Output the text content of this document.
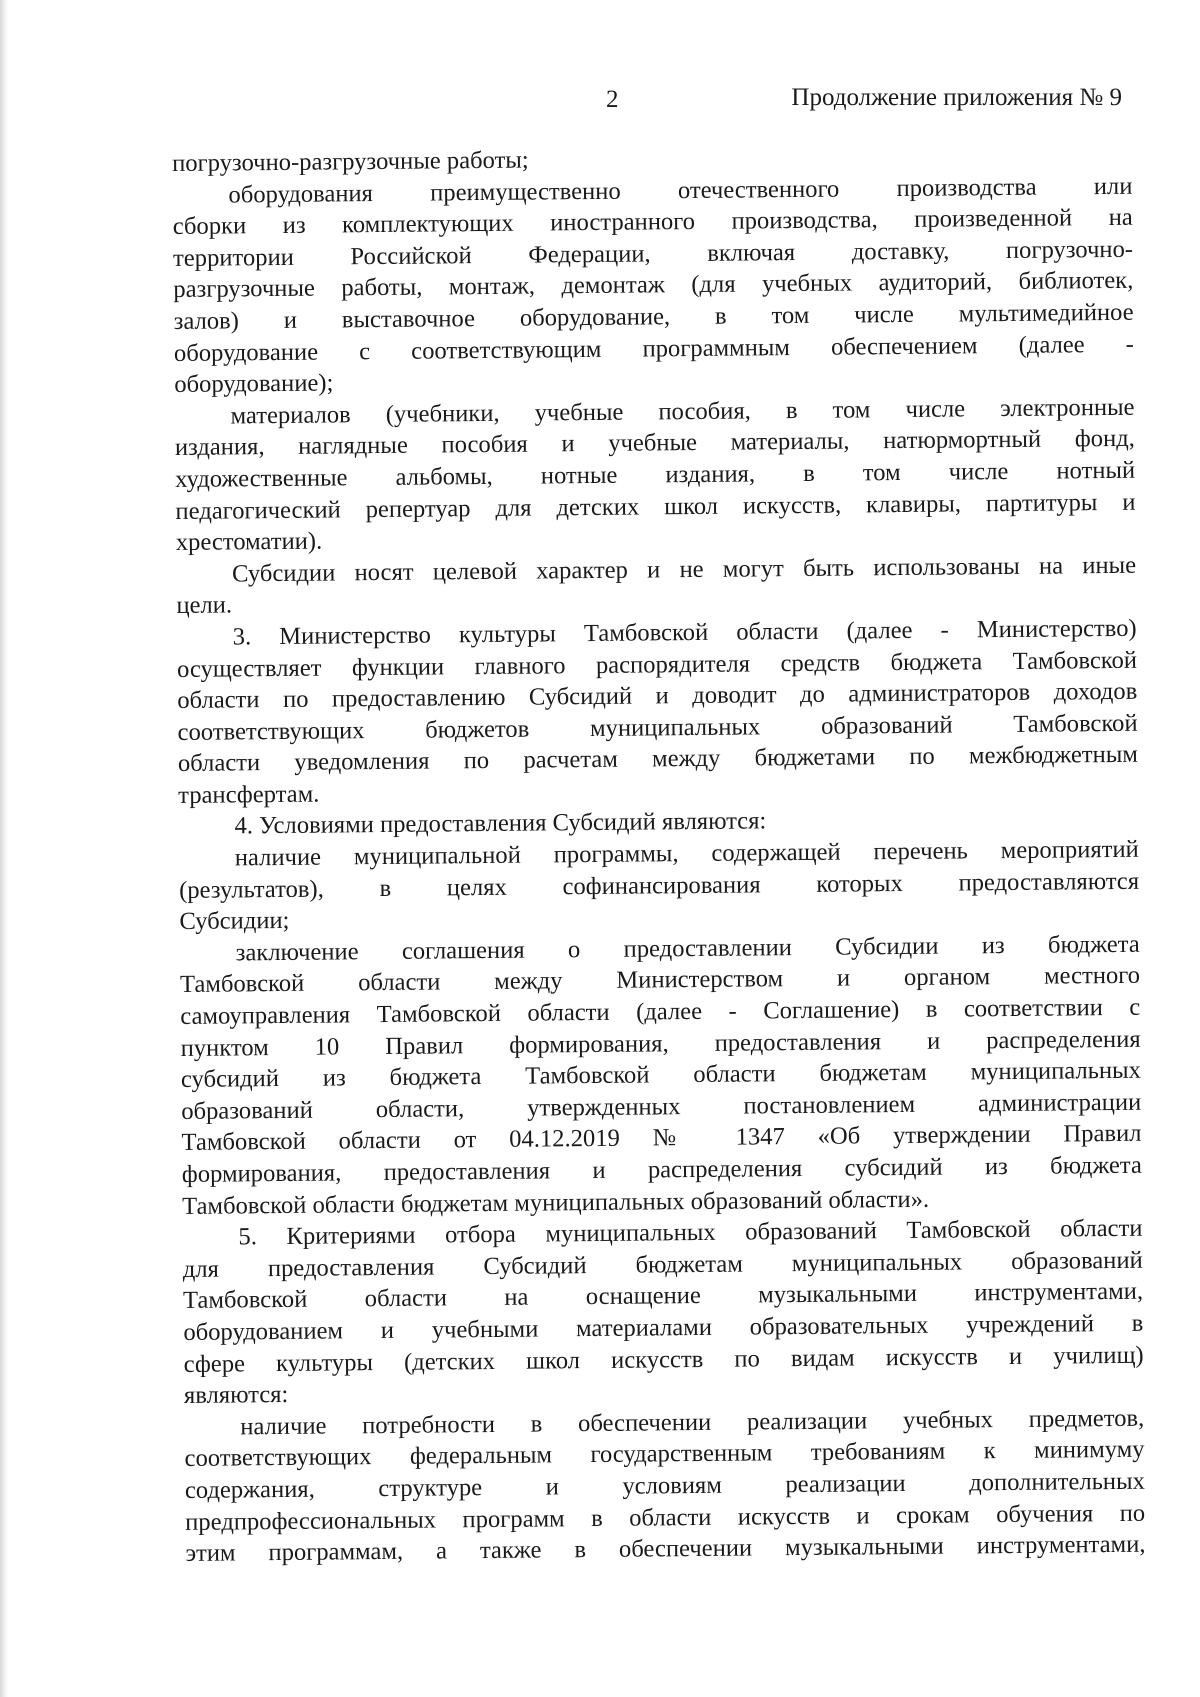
2	Продолжение приложения № 9
погрузочно-разгрузочные работы;
оборудования преимущественно отечественного производства или
сборки из комплектующих иностранного производства, произведенной на
территории Российской Федерации, включая доставку, погрузочно-
разгрузочные работы, монтаж, демонтаж (для учебных аудиторий, библиотек,
залов) и выставочное оборудование, в том числе мультимедийное
оборудование с соответствующим программным обеспечением (далее -
оборудование);
материалов (учебники, учебные пособия, в том числе электронные
издания, наглядные пособия и учебные материалы, натюрмортный фонд,
художественные альбомы, нотные издания, в том числе нотный
педагогический репертуар для детских школ искусств, клавиры, партитуры и
хрестоматии).
Субсидии носят целевой характер и не могут быть использованы на иные
цели.
3. Министерство культуры Тамбовской области (далее - Министерство)
осуществляет функции главного распорядителя средств бюджета Тамбовской
области по предоставлению Субсидий и доводит до администраторов доходов
соответствующих бюджетов муниципальных образований Тамбовской
области уведомления по расчетам между бюджетами по межбюджетным
трансфертам.
4. Условиями предоставления Субсидий являются:
наличие муниципальной программы, содержащей перечень мероприятий
(результатов), в целях софинансирования которых предоставляются
Субсидии;
заключение соглашения о предоставлении Субсидии из бюджета
Тамбовской области между Министерством и органом местного
самоуправления Тамбовской области (далее - Соглашение) в соответствии с
пунктом 10 Правил формирования, предоставления и распределения
субсидий из бюджета Тамбовской области бюджетам муниципальных
образований области, утвержденных постановлением администрации
Тамбовской области от 04.12.2019 № 1347 «Об утверждении Правил
формирования, предоставления и распределения субсидий из бюджета
Тамбовской области бюджетам муниципальных образований области».
5. Критериями отбора муниципальных образований Тамбовской области
для предоставления Субсидий бюджетам муниципальных образований
Тамбовской области на оснащение музыкальными инструментами,
оборудованием и учебными материалами образовательных учреждений в
сфере культуры (детских школ искусств по видам искусств и училищ)
являются:
наличие потребности в обеспечении реализации учебных предметов,
соответствующих федеральным государственным требованиям к минимуму
содержания, структуре и условиям реализации дополнительных
предпрофессиональных программ в области искусств и срокам обучения по
этим программам, а также в обеспечении музыкальными инструментами,
